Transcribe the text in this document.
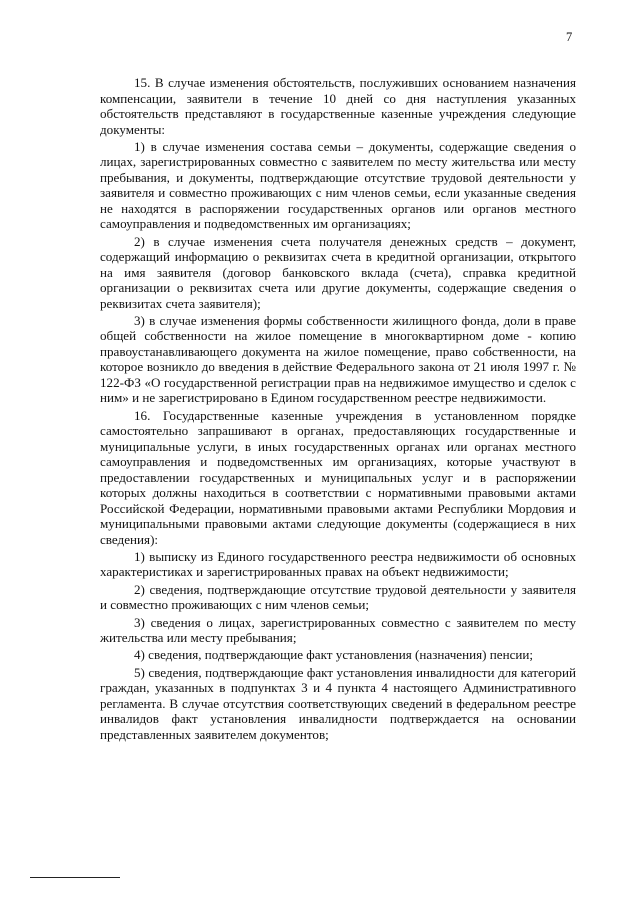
7

15. В случае изменения обстоятельств, послуживших основанием назначения компенсации, заявители в течение 10 дней со дня наступления указанных обстоятельств представляют в государственные казенные учреждения следующие документы:

1) в случае изменения состава семьи – документы, содержащие сведения о лицах, зарегистрированных совместно с заявителем по месту жительства или месту пребывания, и документы, подтверждающие отсутствие трудовой деятельности у заявителя и совместно проживающих с ним членов семьи, если указанные сведения не находятся в распоряжении государственных органов или органов местного самоуправления и подведомственных им организациях;

2) в случае изменения счета получателя денежных средств – документ, содержащий информацию о реквизитах счета в кредитной организации, открытого на имя заявителя (договор банковского вклада (счета), справка кредитной организации о реквизитах счета или другие документы, содержащие сведения о реквизитах счета заявителя);

3) в случае изменения формы собственности жилищного фонда, доли в праве общей собственности на жилое помещение в многоквартирном доме - копию правоустанавливающего документа на жилое помещение, право собственности, на которое возникло до введения в действие Федерального закона от 21 июля 1997 г. № 122-ФЗ «О государственной регистрации прав на недвижимое имущество и сделок с ним» и не зарегистрировано в Едином государственном реестре недвижимости.

16. Государственные казенные учреждения в установленном порядке самостоятельно запрашивают в органах, предоставляющих государственные и муниципальные услуги, в иных государственных органах или органах местного самоуправления и подведомственных им организациях, которые участвуют в предоставлении государственных и муниципальных услуг и в распоряжении которых должны находиться в соответствии с нормативными правовыми актами Российской Федерации, нормативными правовыми актами Республики Мордовия и муниципальными правовыми актами следующие документы (содержащиеся в них сведения):

1) выписку из Единого государственного реестра недвижимости об основных характеристиках и зарегистрированных правах на объект недвижимости;

2) сведения, подтверждающие отсутствие трудовой деятельности у заявителя и совместно проживающих с ним членов семьи;

3) сведения о лицах, зарегистрированных совместно с заявителем по месту жительства или месту пребывания;

4) сведения, подтверждающие факт установления (назначения) пенсии;

5) сведения, подтверждающие факт установления инвалидности для категорий граждан, указанных в подпунктах 3 и 4 пункта 4 настоящего Административного регламента. В случае отсутствия соответствующих сведений в федеральном реестре инвалидов факт установления инвалидности подтверждается на основании представленных заявителем документов;
